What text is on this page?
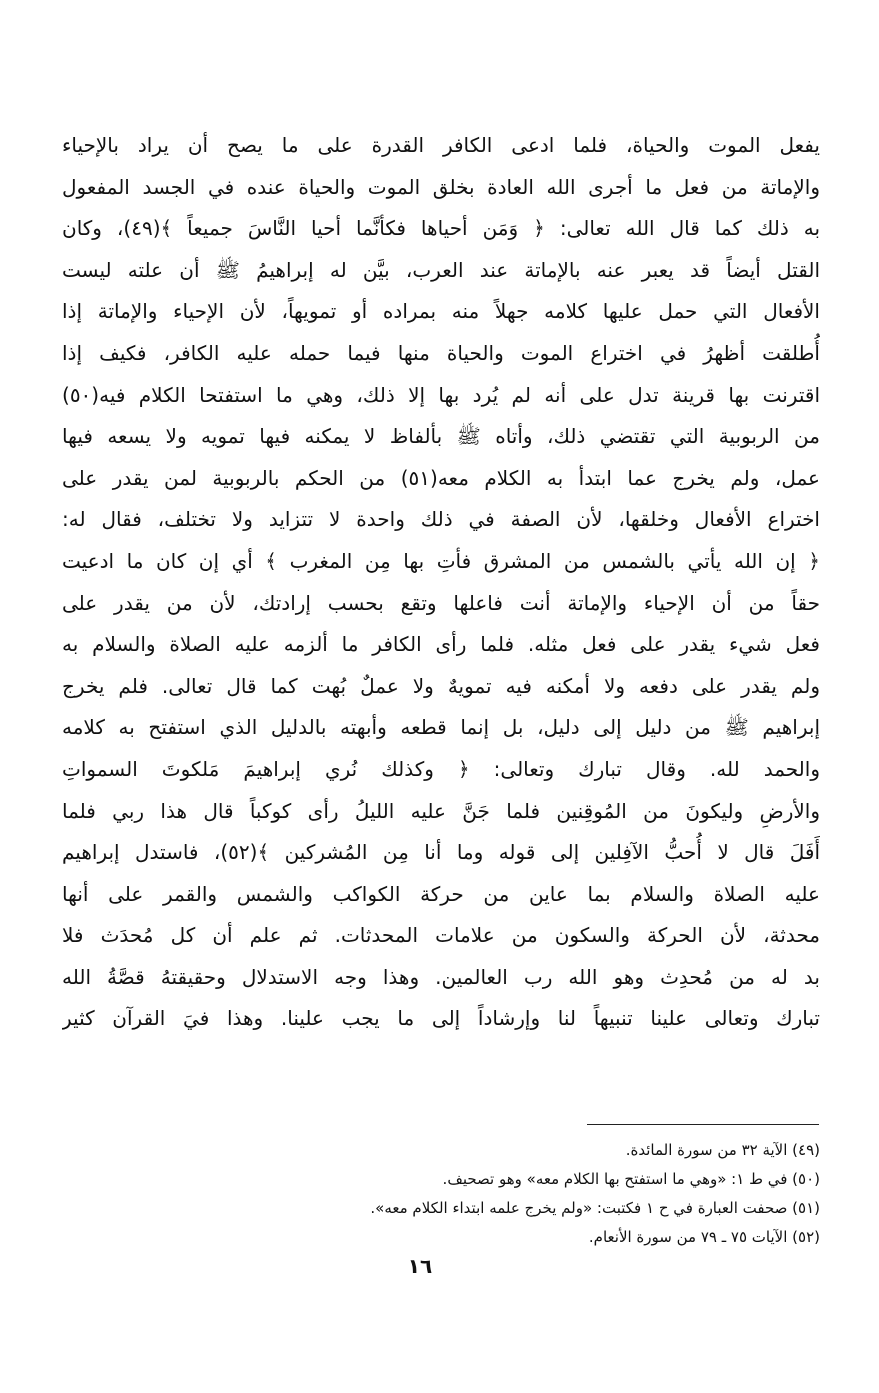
يفعل الموت والحياة، فلما ادعى الكافر القدرة على ما يصح أن يراد بالإحياء
والإماتة من فعل ما أجرى الله العادة بخلق الموت والحياة عنده في الجسد المفعول
به ذلك كما قال الله تعالى: ﴿ وَمَن أحياها فكأنَّما أحيا النَّاسَ جميعاً ﴾(٤٩)، وكان
القتل أيضاً قد يعبر عنه بالإماتة عند العرب، بيَّن له إبراهيمُ ﷺ أن علته ليست
الأفعال التي حمل عليها كلامه جهلاً منه بمراده أو تمويهاً، لأن الإحياء والإماتة إذا
أُطلقت أظهرُ في اختراع الموت والحياة منها فيما حمله عليه الكافر، فكيف إذا
اقترنت بها قرينة تدل على أنه لم يُرد بها إلا ذلك، وهي ما استفتحا الكلام فيه(٥٠)
من الربوبية التي تقتضي ذلك، وأتاه ﷺ بألفاظ لا يمكنه فيها تمويه ولا يسعه فيها
عمل، ولم يخرج عما ابتدأ به الكلام معه(٥١) من الحكم بالربوبية لمن يقدر على
اختراع الأفعال وخلقها، لأن الصفة في ذلك واحدة لا تتزايد ولا تختلف، فقال له:
﴿ إن الله يأتي بالشمس من المشرق فأتِ بها مِن المغرب ﴾ أي إن كان ما ادعيت
حقاً من أن الإحياء والإماتة أنت فاعلها وتقع بحسب إرادتك، لأن من يقدر على
فعل شيء يقدر على فعل مثله. فلما رأى الكافر ما ألزمه عليه الصلاة والسلام به
ولم يقدر على دفعه ولا أمكنه فيه تمويهٌ ولا عملٌ بُهت كما قال تعالى. فلم يخرج
إبراهيم ﷺ من دليل إلى دليل، بل إنما قطعه وأبهته بالدليل الذي استفتح به كلامه
والحمد لله. وقال تبارك وتعالى: ﴿ وكذلك نُري إبراهيمَ مَلكوتَ السمواتِ
والأرضِ وليكونَ من المُوقِنين فلما جَنَّ عليه الليلُ رأى كوكباً قال هذا ربي فلما
أَفَلَ قال لا أُحبُّ الآفِلين إلى قوله وما أنا مِن المُشركين ﴾(٥٢)، فاستدل إبراهيم
عليه الصلاة والسلام بما عاين من حركة الكواكب والشمس والقمر على أنها
محدثة، لأن الحركة والسكون من علامات المحدثات. ثم علم أن كل مُحدَث فلا
بد له من مُحدِث وهو الله رب العالمين. وهذا وجه الاستدلال وحقيقتهُ قصَّةُ الله
تبارك وتعالى علينا تنبيهاً لنا وإرشاداً إلى ما يجب علينا. وهذا فيَ القرآن كثير
(٤٩) الآية ٣٢ من سورة المائدة.
(٥٠) في ط ١: «وهي ما استفتح بها الكلام معه» وهو تصحيف.
(٥١) صحفت العبارة في ح ١ فكتبت: «ولم يخرج علمه ابتداء الكلام معه».
(٥٢) الآيات ٧٥ ـ ٧٩ من سورة الأنعام.
١٦
